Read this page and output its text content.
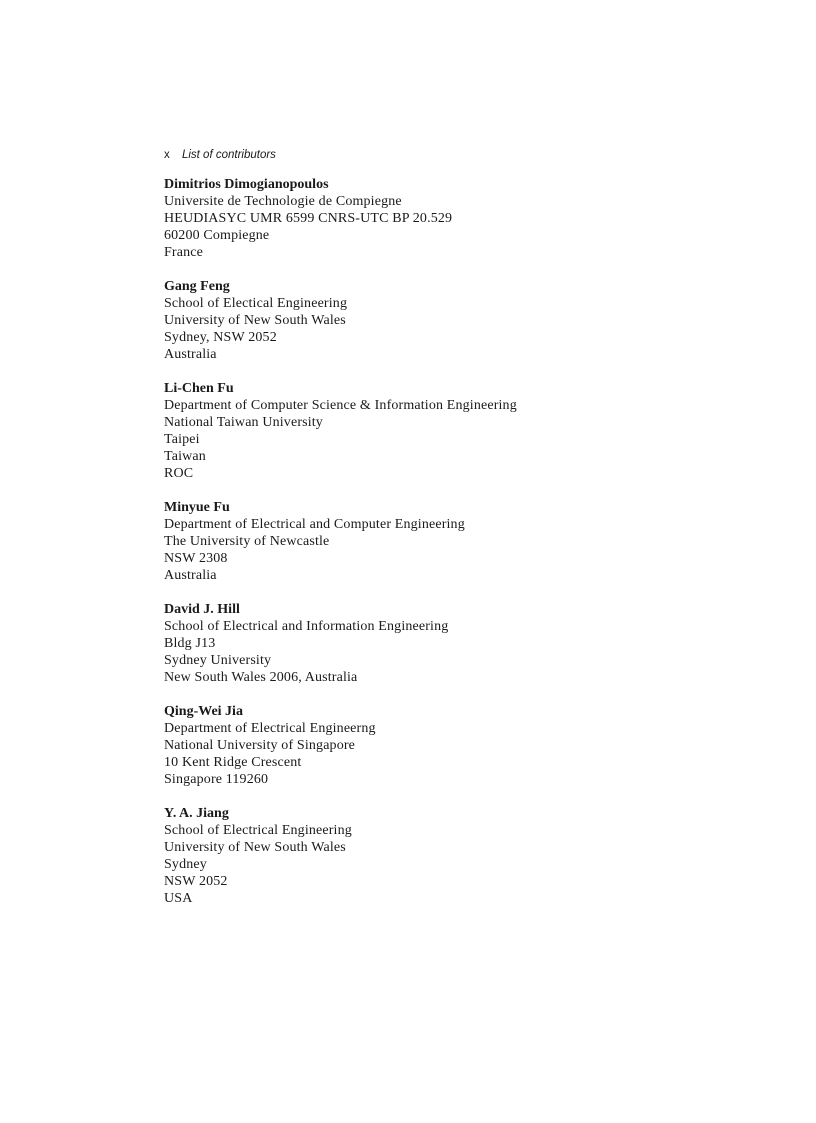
x List of contributors
Dimitrios Dimogianopoulos
Universite de Technologie de Compiegne
HEUDIASYC UMR 6599 CNRS-UTC BP 20.529
60200 Compiegne
France
Gang Feng
School of Electical Engineering
University of New South Wales
Sydney, NSW 2052
Australia
Li-Chen Fu
Department of Computer Science & Information Engineering
National Taiwan University
Taipei
Taiwan
ROC
Minyue Fu
Department of Electrical and Computer Engineering
The University of Newcastle
NSW 2308
Australia
David J. Hill
School of Electrical and Information Engineering
Bldg J13
Sydney University
New South Wales 2006, Australia
Qing-Wei Jia
Department of Electrical Engineerng
National University of Singapore
10 Kent Ridge Crescent
Singapore 119260
Y. A. Jiang
School of Electrical Engineering
University of New South Wales
Sydney
NSW 2052
USA
